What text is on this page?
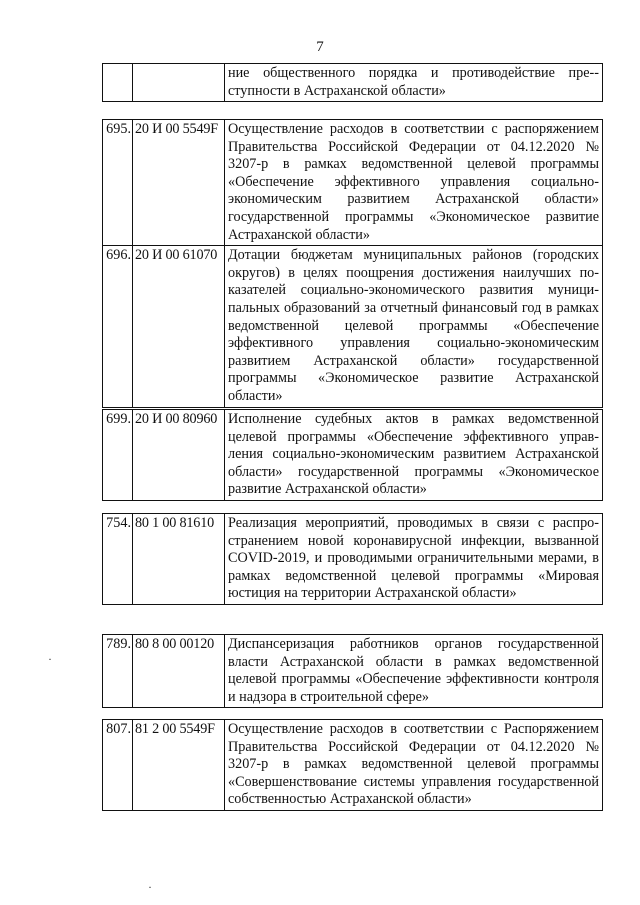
7
		ние общественного порядка и противодействие пре-ступности в Астраханской области»
695.	20 И 00 5549F	Осуществление расходов в соответствии с распоряжением Правительства Российской Федерации от 04.12.2020 № 3207-р в рамках ведомственной целевой программы «Обеспечение эффективного управления социально-экономическим развитием Астраханской области» государственной программы «Экономическое развитие Астраханской области»
696.	20 И 00 61070	Дотации бюджетам муниципальных районов (городских округов) в целях поощрения достижения наилучших показателей социально-экономического развития муниципальных образований за отчетный финансовый год в рамках ведомственной целевой программы «Обеспечение эффективного управления социально-экономическим развитием Астраханской области» государственной программы «Экономическое развитие Астраханской области»
699.	20 И 00 80960	Исполнение судебных актов в рамках ведомственной целевой программы «Обеспечение эффективного управления социально-экономическим развитием Астраханской области» государственной программы «Экономическое развитие Астраханской области»
754.	80 1 00 81610	Реализация мероприятий, проводимых в связи с распространением новой коронавирусной инфекции, вызванной COVID-2019, и проводимыми ограничительными мерами, в рамках ведомственной целевой программы «Мировая юстиция на территории Астраханской области»
789.	80 8 00 00120	Диспансеризация работников органов государственной власти Астраханской области в рамках ведомственной целевой программы «Обеспечение эффективности контроля и надзора в строительной сфере»
807.	81 2 00 5549F	Осуществление расходов в соответствии с Распоряжением Правительства Российской Федерации от 04.12.2020 № 3207-р в рамках ведомственной целевой программы «Совершенствование системы управления государственной собственностью Астраханской области»
·
·
